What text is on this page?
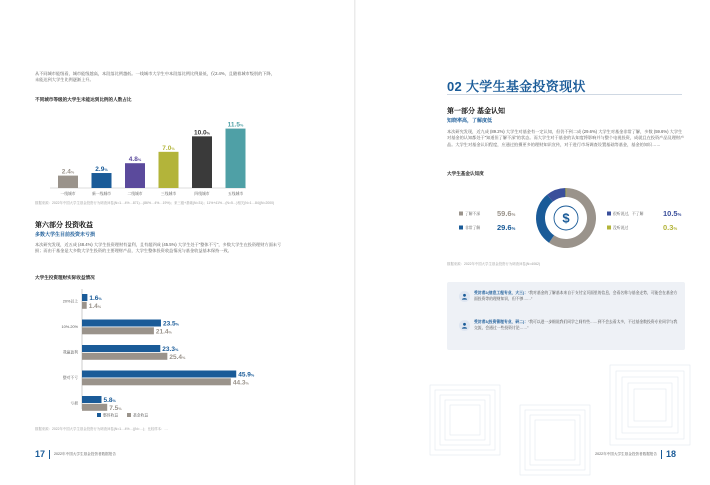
从不同城市能级看，城市能级越高，本段落比例越低。一线城市大学生中本段落比例比例最低，仅2.4%，且随着城市级别的下降，未能达到大学生比例逐渐上升。
不同城市等级的大学生未能达到比例的人数占比
2.4%
一线城市
2.9%
新一线城市
4.8%
二线城市
7.0%
三线城市
10.0%
四线城市
11.5%
五线城市
数据来源：2022年中国大学生基金投资行为调查问卷(N=1…4%…871)…(86%…4%…19%)；来三级+基础(N=31)；11%+41%…(N=5…)相关(N=1…84)(N=2000)
第六部分 投资收益
多数大学生目前投资未亏损
本次研究发现，近五成 (48.4%) 大学生投资理财有盈利，且有超四成 (45.5%) 大学生处于“整体不亏”，多数大学生在投资理财方面未亏损；而由于基金是大多数大学生投资的主要理财产品，大学生整体投资收益情况与基金收益基本保持一致。
大学生投资理财实际收益情况
20%以上 1.6%
1.4%
10%-20%	23.5%
21.4%
我赢盈利	23.3%
25.4%
整对不亏	45.9%
44.3%
亏损	5.8%
7.5%
整体收益	基金收益
数据来源：2022年中国大学生基金投资行为调查问卷(N=1…4%…)(N=…)；比较样本：…
17	2022年中国大学生基金投资者数据报告
02 大学生基金投资现状
第一部分 基金认知
知晓率高，了解度低
本次研究发现，近九成 (89.2%) 大学生对基金有一定认知，但仍不到二成 (29.6%) 大学生对基金非常了解，多数 (59.6%) 大学生对基金的认知都处于“知道但了解不深”的状态。而大学生对于基金的认知度将影响并与整个电视投资，成就且在投资产品及理财产品。大学生对基金认识程度，应通过拍摄更多的理财知识宣传，对于进行市场调查设置基础等基金，基金的知识……
大学生基金认知度
$
了解不深 59.6%
非常了解 29.6%
很听说过，不了解	10.5%
没听说过	0.3%
数据来源：2022年中国大学生基金投资行为调查问卷(N=4062)
受访者2(信息工程专业，大三)：“我对基金的了解基本来自于支付宝页面里的信息，会看名称与基金走势，可能会在基金方面投资等的理财知识，但不够……”
受访者3(投资管理专业，研二)：“我可以进一步细说我们同学之间有些……到不会去看太多，不过基金数投资专业同学与我交流，会通过一些投资讨论……”
2022年中国大学生基金投资者数据报告 18
